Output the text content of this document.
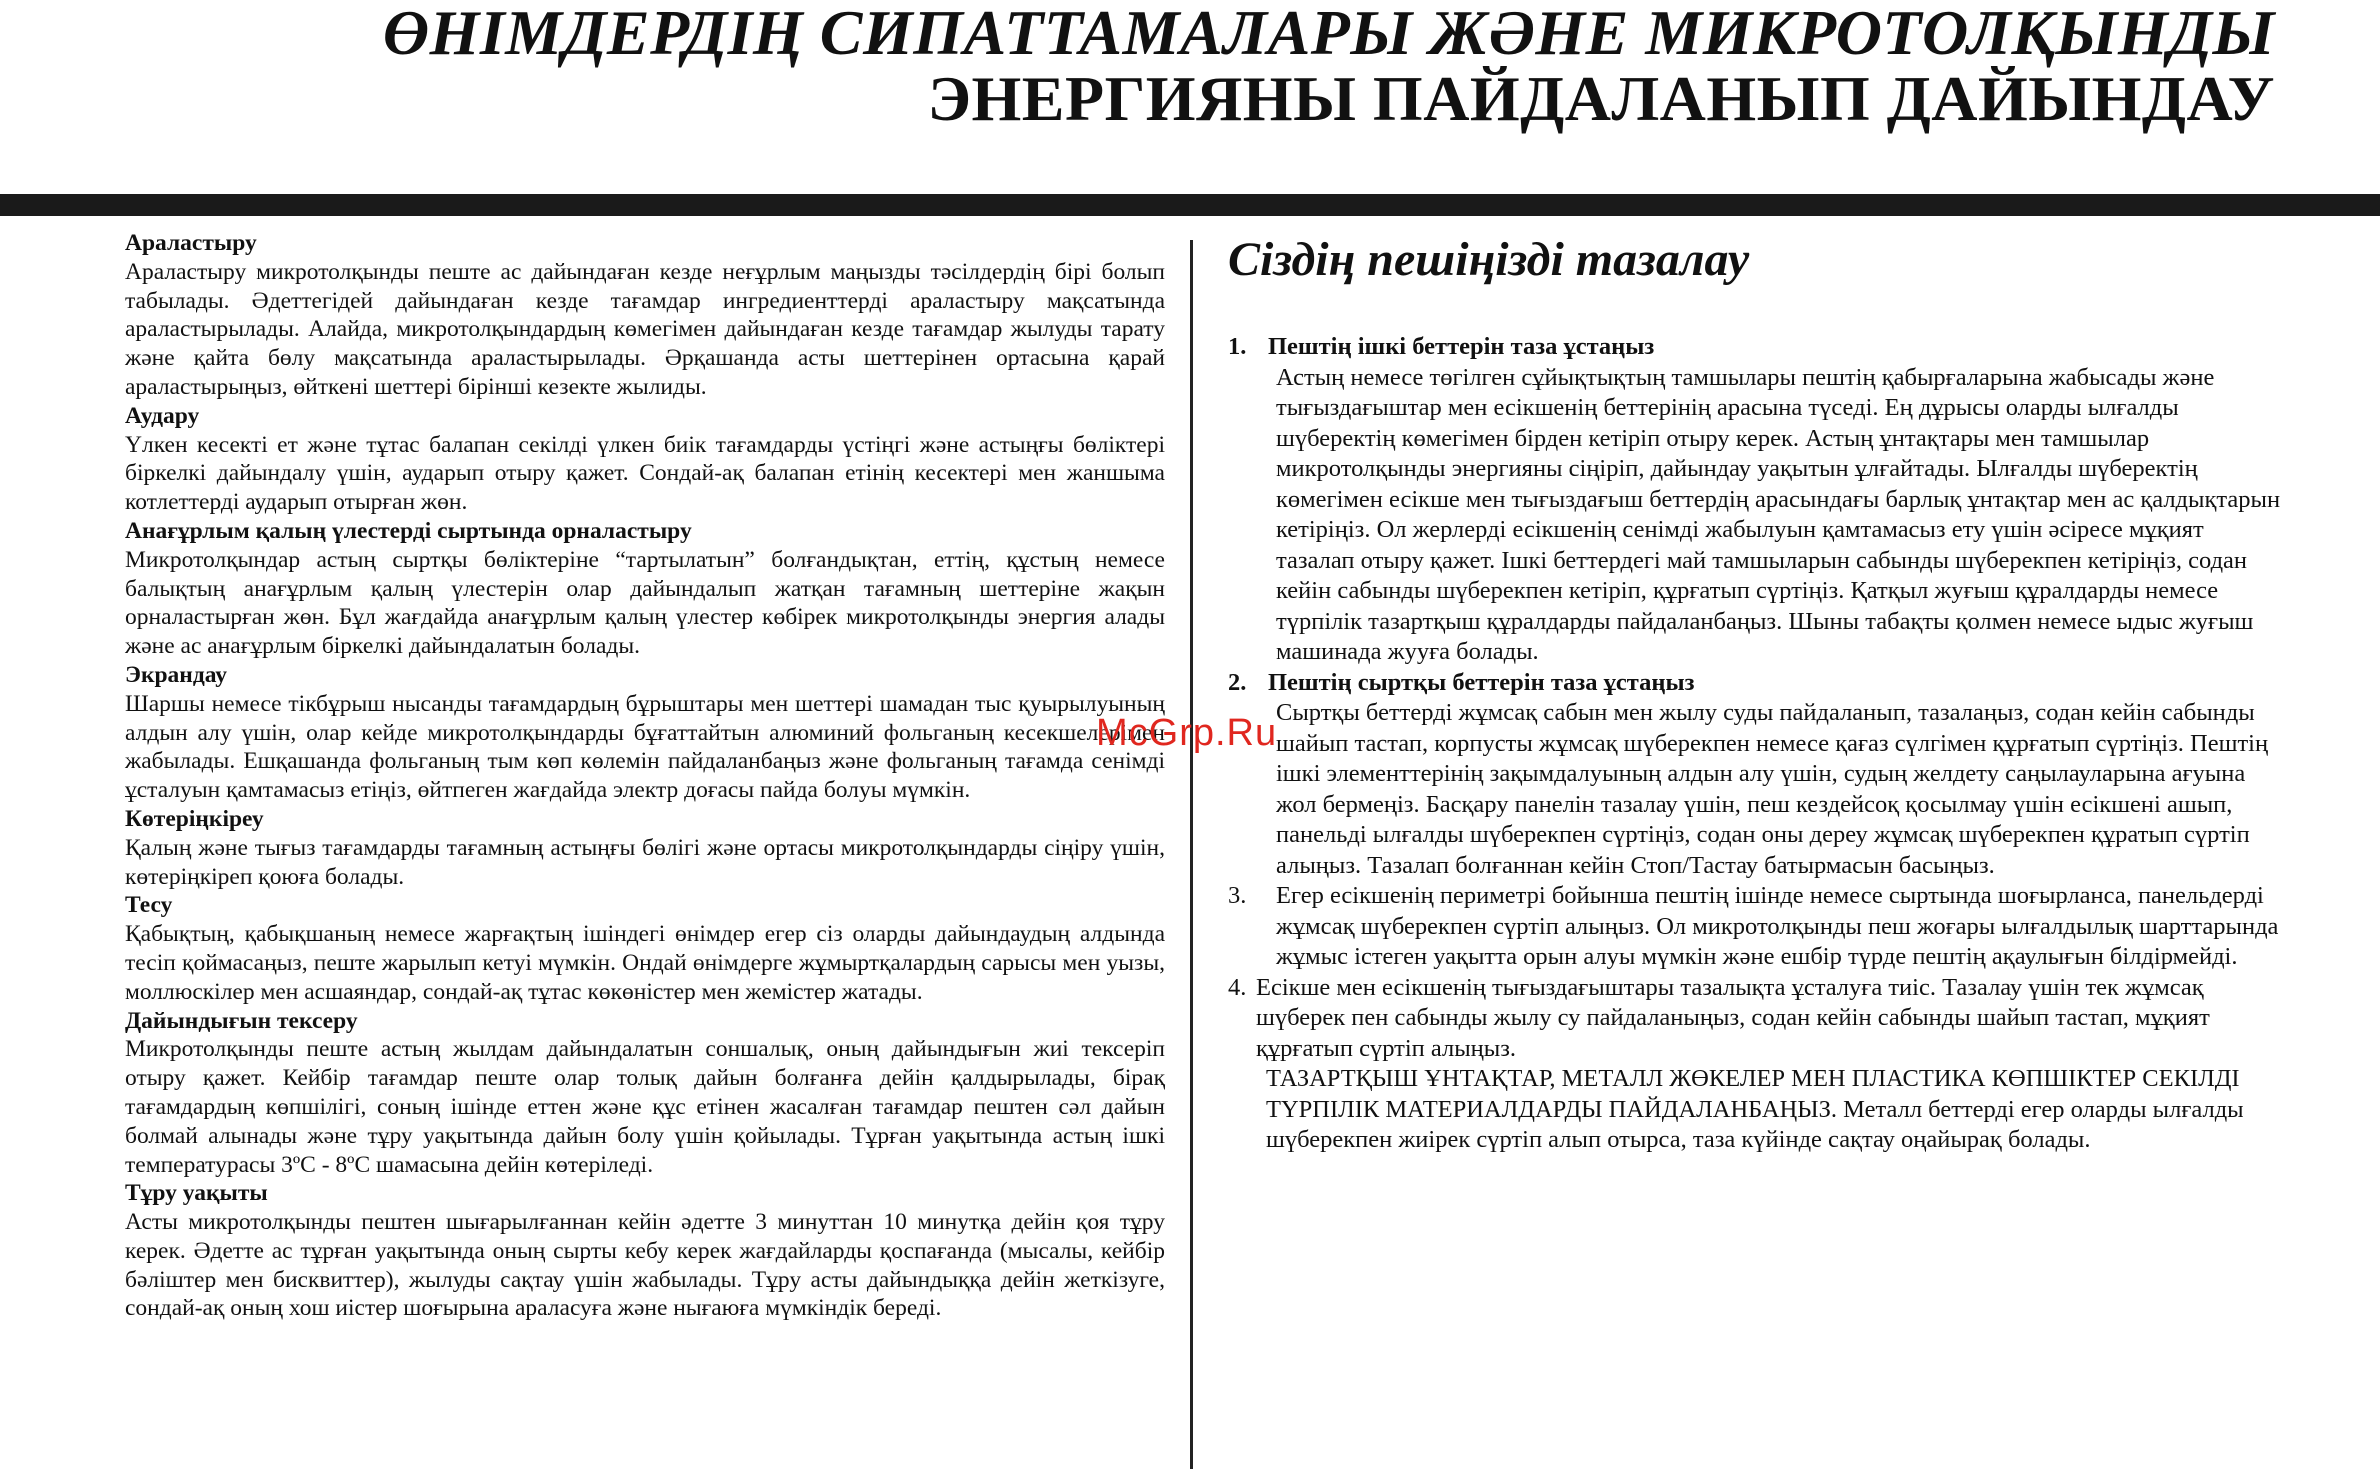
ӨНІМДЕРДІҢ СИПАТТАМАЛАРЫ ЖӘНЕ МИКРОТОЛҚЫНДЫ
ЭНЕРГИЯНЫ ПАЙДАЛАНЫП ДАЙЫНДАУ
Араластыру

Араластыру микротолқынды пеште ас дайындаған кезде неғұрлым маңызды тәсілдердің бірі болып табылады. Әдеттегідей дайындаған кезде тағамдар ингредиенттерді араластыру мақсатында араластырылады. Алайда, микротолқындардың көмегімен дайындаған кезде тағамдар жылуды тарату және қайта бөлу мақсатында араластырылады. Әрқашанда асты шеттерінен ортасына қарай араластырыңыз, өйткені шеттері бірінші кезекте жылиды.

Аудару

Үлкен кесекті ет және тұтас балапан секілді үлкен биік тағамдарды үстіңгі және астыңғы бөліктері біркелкі дайындалу үшін, аударып отыру қажет. Сондай-ақ балапан етінің кесектері мен жаншыма котлеттерді аударып отырған жөн.

Анағұрлым қалың үлестерді сыртында орналастыру

Микротолқындар астың сыртқы бөліктеріне “тартылатын” болғандықтан, еттің, құстың немесе балықтың анағұрлым қалың үлестерін олар дайындалып жатқан тағамның шеттеріне жақын орналастырған жөн. Бұл жағдайда анағұрлым қалың үлестер көбірек микротолқынды энергия алады және ас анағұрлым біркелкі дайындалатын болады.

Экрандау

Шаршы немесе тікбұрыш нысанды тағамдардың бұрыштары мен шеттері шамадан тыс қуырылуының алдын алу үшін, олар кейде микротолқындарды бұғаттайтын алюминий фольганың кесекшелерімен жабылады. Ешқашанда фольганың тым көп көлемін пайдаланбаңыз және фольганың тағамда сенімді ұсталуын қамтамасыз етіңіз, өйтпеген жағдайда электр доғасы пайда болуы мүмкін.

Көтеріңкіреу

Қалың және тығыз тағамдарды тағамның астыңғы бөлігі және ортасы микротолқындарды сіңіру үшін, көтеріңкіреп қоюға болады.

Тесу

Қабықтың, қабықшаның немесе жарғақтың ішіндегі өнімдер егер сіз оларды дайындаудың алдында тесіп қоймасаңыз, пеште жарылып кетуі мүмкін. Ондай өнімдерге жұмыртқалардың сарысы мен уызы, моллюскілер мен асшаяндар, сондай-ақ тұтас көкөністер мен жемістер жатады.

Дайындығын тексеру

Микротолқынды пеште астың жылдам дайындалатын соншалық, оның дайындығын жиі тексеріп отыру қажет. Кейбір тағамдар пеште олар толық дайын болғанға дейін қалдырылады, бірақ тағамдардың көпшілігі, соның ішінде еттен және құс етінен жасалған тағамдар пештен сәл дайын болмай алынады және тұру уақытында дайын болу үшін қойылады. Тұрған уақытында астың ішкі температурасы 3ºС - 8ºС шамасына дейін көтеріледі.

Тұру уақыты

Асты микротолқынды пештен шығарылғаннан кейін әдетте 3 минуттан 10 минутқа дейін қоя тұру керек. Әдетте ас тұрған уақытында оның сырты кебу керек жағдайларды қоспағанда (мысалы, кейбір бәліштер мен бисквиттер), жылуды сақтау үшін жабылады. Тұру асты дайындыққа дейін жеткізуге, сондай-ақ оның хош иістер шоғырына араласуға және нығаюға мүмкіндік береді.

Сіздің пешіңізді тазалау
1. Пештің ішкі беттерін таза ұстаңыз

Астың немесе төгілген сұйықтықтың тамшылары пештің қабырғаларына жабысады және тығыздағыштар мен есікшенің беттерінің арасына түседі. Ең дұрысы оларды ылғалды шүберектің көмегімен бірден кетіріп отыру керек. Астың ұнтақтары мен тамшылар микротолқынды энергияны сіңіріп, дайындау уақытын ұлғайтады. Ылғалды шүберектің көмегімен есікше мен тығыздағыш беттердің арасындағы барлық ұнтақтар мен ас қалдықтарын кетіріңіз. Ол жерлерді есікшенің сенімді жабылуын қамтамасыз ету үшін әсіресе мұқият тазалап отыру қажет. Ішкі беттердегі май тамшыларын сабынды шүберекпен кетіріңіз, содан кейін сабынды шүберекпен кетіріп, құрғатып сүртіңіз. Қатқыл жуғыш құралдарды немесе түрпілік тазартқыш құралдарды пайдаланбаңыз. Шыны табақты қолмен немесе ыдыс жуғыш машинада жууға болады.

2. Пештің сыртқы беттерін таза ұстаңыз

Сыртқы беттерді жұмсақ сабын мен жылу суды пайдаланып, тазалаңыз, содан кейін сабынды шайып тастап, корпусты жұмсақ шүберекпен немесе қағаз сүлгімен құрғатып сүртіңіз. Пештің ішкі элементтерінің зақымдалуының алдын алу үшін, судың желдету саңылауларына ағуына жол бермеңіз. Басқару панелін тазалау үшін, пеш кездейсоқ қосылмау үшін есікшені ашып, панельді ылғалды шүберекпен сүртіңіз, содан оны дереу жұмсақ шүберекпен құратып сүртіп алыңыз. Тазалап болғаннан кейін Стоп/Тастау батырмасын басыңыз.

3.	Егер есікшенің периметрі бойынша пештің ішінде немесе сыртында шоғырланса, панельдерді жұмсақ шүберекпен сүртіп алыңыз. Ол микротолқынды пеш жоғары ылғалдылық шарттарында жұмыс істеген уақытта орын алуы мүмкін және ешбір түрде пештің ақаулығын білдірмейді.
4. Есікше мен есікшенің тығыздағыштары тазалықта ұсталуға тиіс. Тазалау үшін тек жұмсақ шүберек пен сабынды жылу су пайдаланыңыз, содан кейін сабынды шайып тастап, мұқият құрғатып сүртіп алыңыз.

ТАЗАРТҚЫШ ҰНТАҚТАР, МЕТАЛЛ ЖӨКЕЛЕР МЕН ПЛАСТИКА КӨПШІКТЕР СЕКІЛДІ ТҮРПІЛІК МАТЕРИАЛДАРДЫ ПАЙДАЛАНБАҢЫЗ. Металл беттерді егер оларды ылғалды шүберекпен жиірек сүртіп алып отырса, таза күйінде сақтау оңайырақ болады.

McGrp.Ru
